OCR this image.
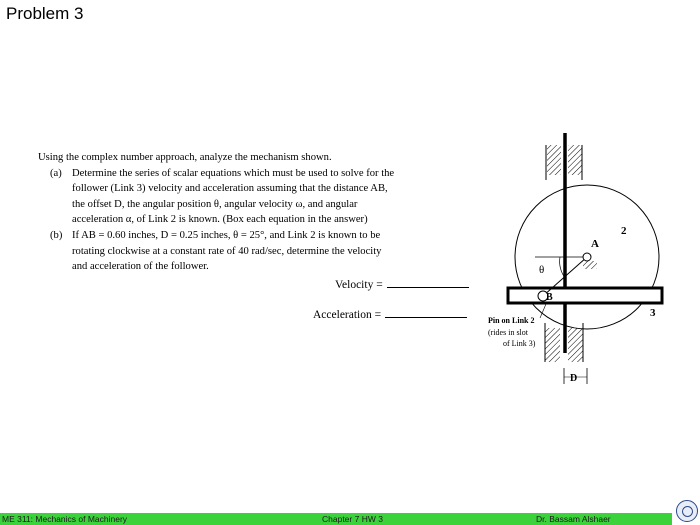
Problem 3
Using the complex number approach, analyze the mechanism shown.
(a) Determine the series of scalar equations which must be used to solve for the
follower (Link 3) velocity and acceleration assuming that the distance AB,
the offset D, the angular position θ, angular velocity ω, and angular
acceleration α, of Link 2 is known. (Box each equation in the answer)
(b) If AB = 0.60 inches, D = 0.25 inches, θ = 25°, and Link 2 is known to be
rotating clockwise at a constant rate of 40 rad/sec, determine the velocity
and acceleration of the follower.
Velocity =
Acceleration =
2
3
A
B
θ
D
Pin on Link 2
(rides in slot
of Link 3)
ME 311: Mechanics of Machinery	Chapter 7 HW 3	Dr. Bassam Alshaer
